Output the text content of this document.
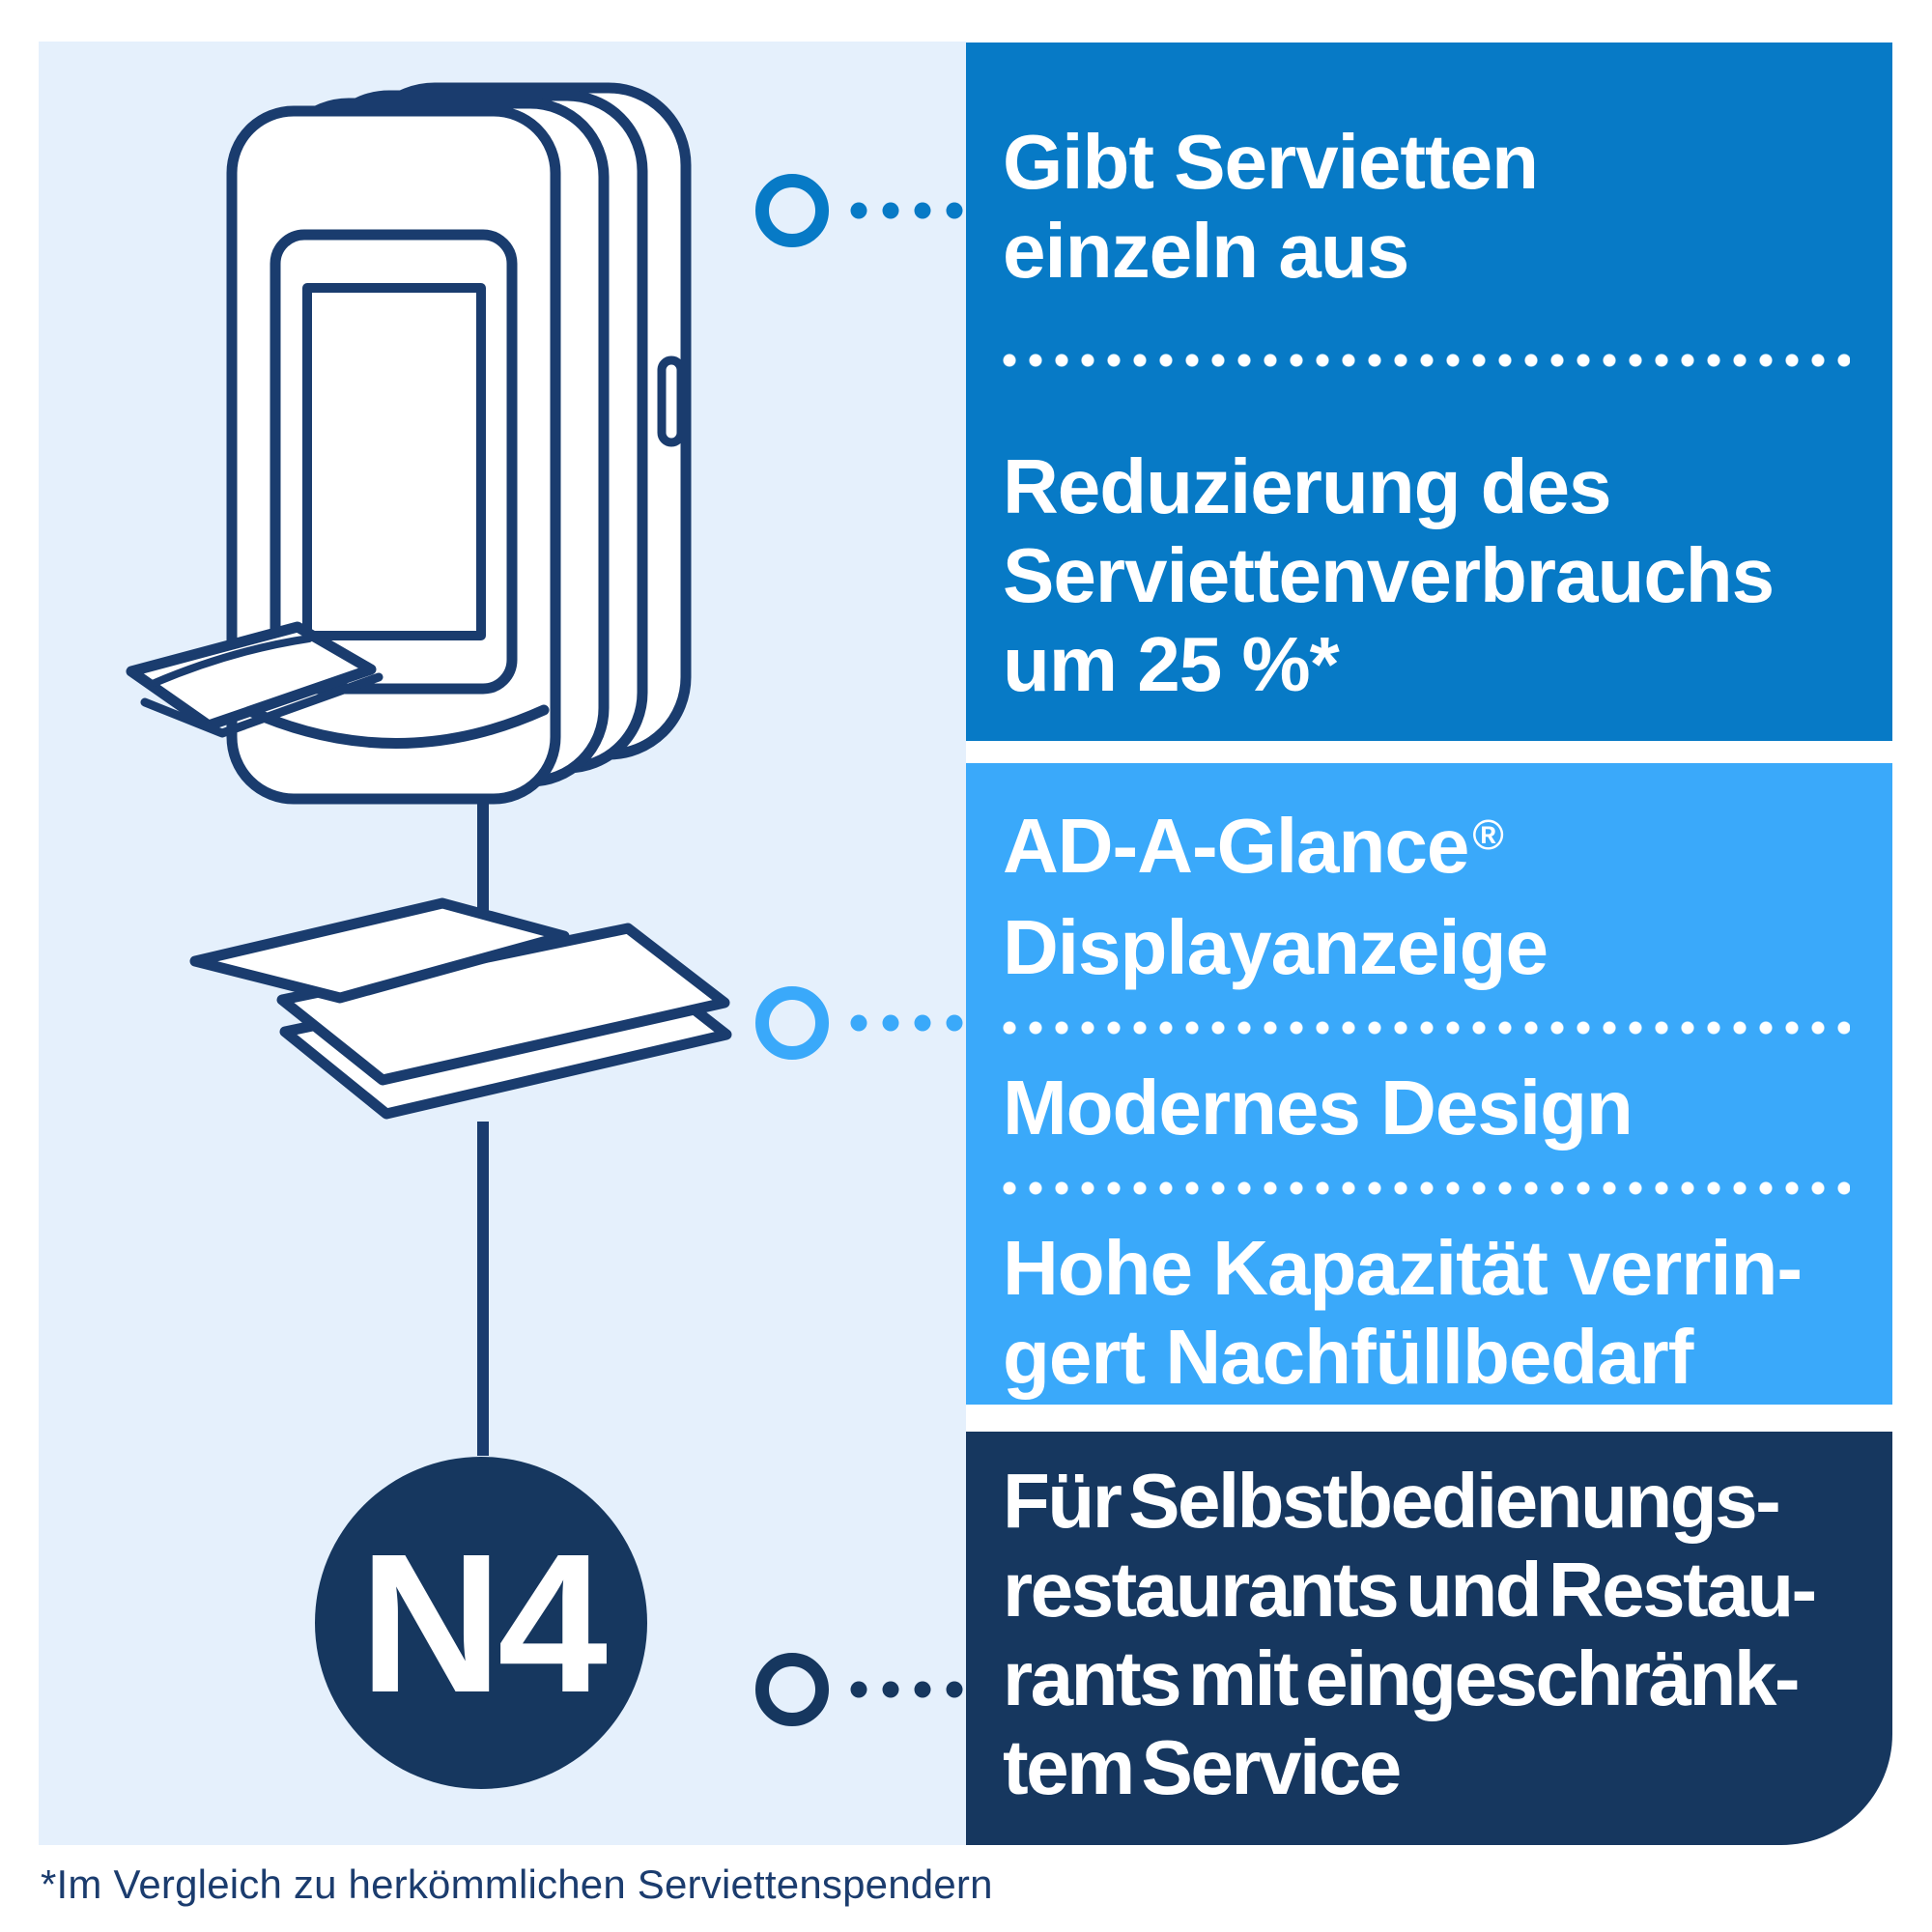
N4
Gibt Servietten
einzeln aus
Reduzierung des
Serviettenverbrauchs
um 25 %*
AD-A-Glance®
Displayanzeige
Modernes Design
Hohe Kapazität verrin-
gert Nachfüllbedarf
Für Selbstbedienungs-
restaurants und Restau-
rants mit eingeschränk-
tem Service
*Im Vergleich zu herkömmlichen Serviettenspendern
